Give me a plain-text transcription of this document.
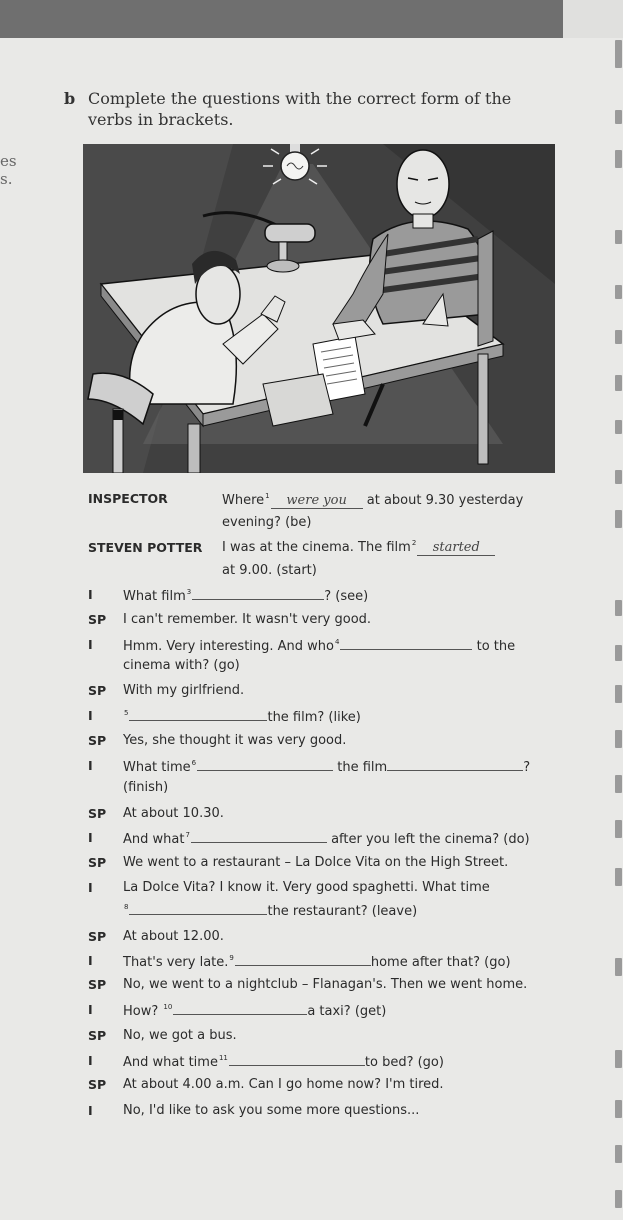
es
s.
b Complete the questions with the correct form of the
verbs in brackets.
INSPECTOR	Where$^1$ were you at about 9.30 yesterday
evening? (be)
STEVEN POTTER I was at the cinema. The film$^2$ started
at 9.00. (start)
I What film$^3$	? (see)
SP I can't remember. It wasn't very good.
I Hmm. Very interesting. And who$^4$	to the
cinema with? (go)
SP With my girlfriend.
I	$^5$	the film? (like)
SP Yes, she thought it was very good.
I What time$^6$	the film	?
(finish)
SP At about 10.30.
I And what$^7$	after you left the cinema? (do)
SP We went to a restaurant – La Dolce Vita on the High Street.
I La Dolce Vita? I know it. Very good spaghetti. What time
$^8$	the restaurant? (leave)
SP At about 12.00.
I That's very late.$^9$	home after that? (go)
SP No, we went to a nightclub – Flanagan's. Then we went home.
I How? $^{10}$	a taxi? (get)
SP No, we got a bus.
I And what time$^{11}$	to bed? (go)
SP At about 4.00 a.m. Can I go home now? I'm tired.
I No, I'd like to ask you some more questions...
